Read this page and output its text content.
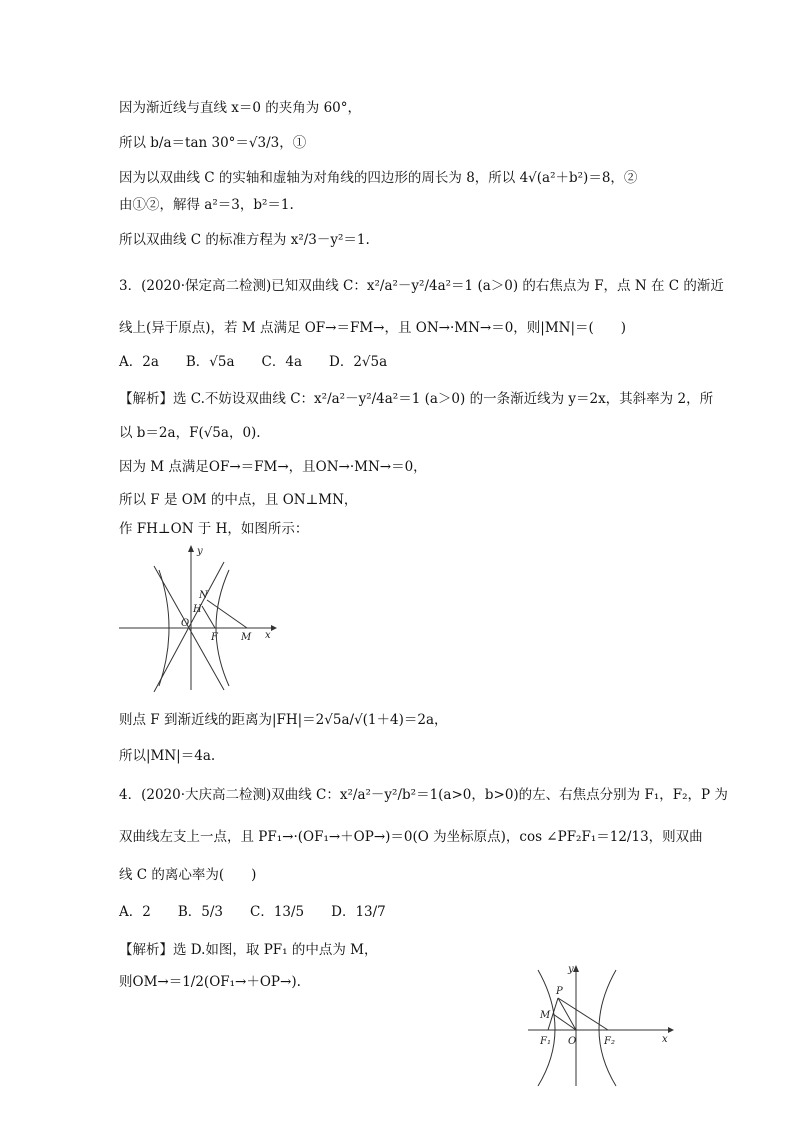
因为渐近线与直线 x＝0 的夹角为 60°，
所以 b/a＝tan 30°＝√3/3，①
因为以双曲线 C 的实轴和虚轴为对角线的四边形的周长为 8，所以 4√(a²＋b²)＝8，②
由①②，解得 a²＝3，b²＝1.
所以双曲线 C 的标准方程为 x²/3－y²＝1.
3．(2020·保定高二检测)已知双曲线 C：x²/a²－y²/4a²＝1 (a＞0) 的右焦点为 F，点 N 在 C 的渐近
线上(异于原点)，若 M 点满足 OF→＝FM→，且 ON→·MN→＝0，则|MN|＝(　　)
A．2a　　B．√5a　　C．4a　　D．2√5a
【解析】选 C.不妨设双曲线 C：x²/a²－y²/4a²＝1 (a＞0) 的一条渐近线为 y＝2x，其斜率为 2，所
以 b＝2a，F(√5a，0).
因为 M 点满足OF→＝FM→，且ON→·MN→＝0，
所以 F 是 OM 的中点，且 ON⊥MN，
作 FH⊥ON 于 H，如图所示：
y
x
O
N
H
F M
则点 F 到渐近线的距离为|FH|＝2√5a/√(1＋4)＝2a，
所以|MN|＝4a.
4．(2020·大庆高二检测)双曲线 C：x²/a²－y²/b²＝1(a>0，b>0)的左、右焦点分别为 F₁，F₂，P 为
双曲线左支上一点，且 PF₁→·(OF₁→＋OP→)＝0(O 为坐标原点)，cos ∠PF₂F₁＝12/13，则双曲
线 C 的离心率为(　　)
A．2　　B．5/3　　C．13/5　　D．13/7
【解析】选 D.如图，取 PF₁ 的中点为 M，
则OM→＝1/2(OF₁→＋OP→).
y
P
M
F₁ O	F₂	x
